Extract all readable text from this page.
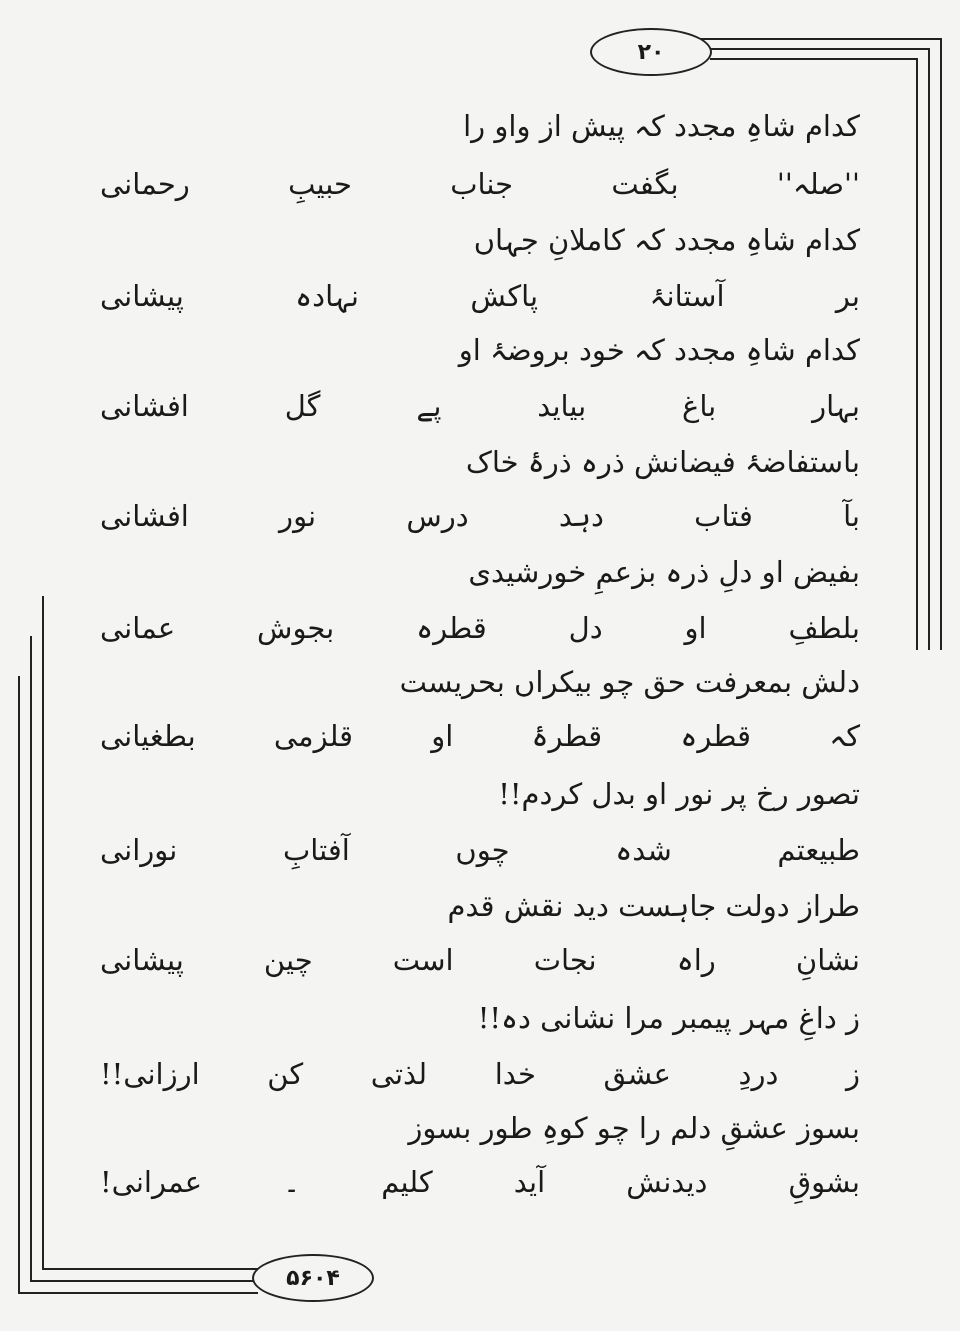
۲۰
۵۶۰۴
کدام شاہِ مجدد کہ پیش از واو را
''صلہ'' بگفت جناب حبیبِ رحمانی
کدام شاہِ مجدد کہ کاملانِ جہاں
بر آستانۂ پاکش نہادہ پیشانی
کدام شاہِ مجدد کہ خود بروضۂ او
بہار باغ بیاید پے گل افشانی
باستفاضۂ فیضانش ذرہ ذرۂ خاک
بآ فتاب دہد درس نور افشانی
بفیض او دلِ ذرہ بزعمِ خورشیدی
بلطفِ او دل قطرہ بجوش عمانی
دلش بمعرفت حق چو بیکراں بحریست
کہ قطرہ قطرۂ او قلزمی بطغیانی
تصور رخ پر نور او بدل کردم!!
طبیعتم شدہ چوں آفتابِ نورانی
طراز دولت جاہست دید نقش قدم
نشانِ راہ نجات است چین پیشانی
ز داغِ مہر پیمبر مرا نشانی دہ!!
ز دردِ عشق خدا لذتی کن ارزانی!!
بسوز عشقِ دلم را چو کوہِ طور بسوز
بشوقِ دیدنش آید کلیم ۔ عمرانی!
